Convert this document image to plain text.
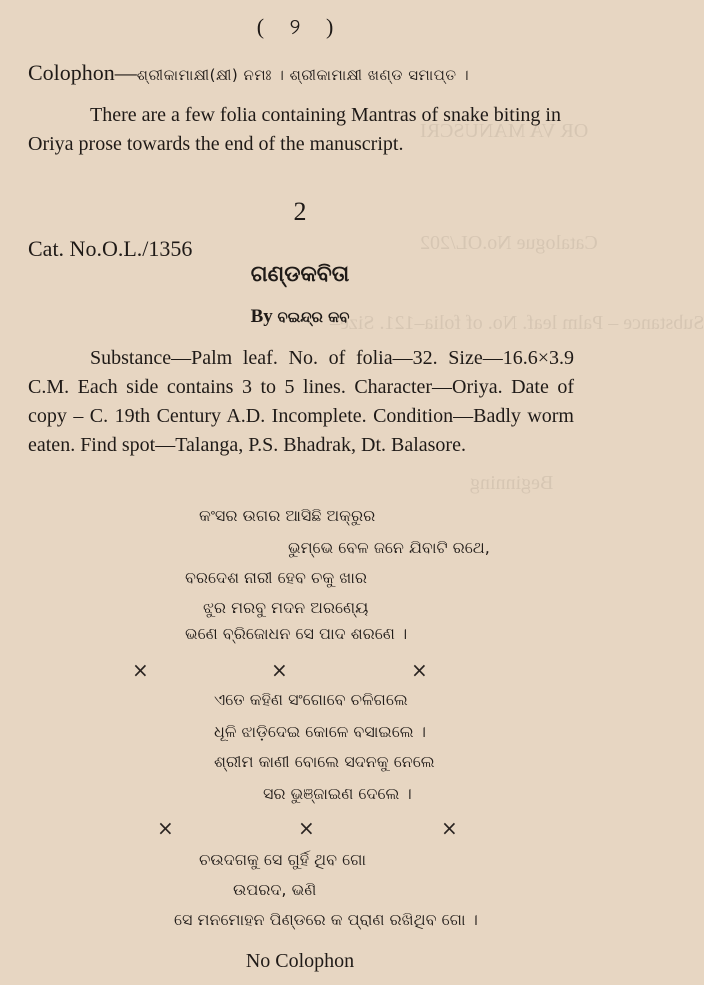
OR VA MANUSCRI
Catalogue No.OL/202
Substance – Palm leaf. No. of folia–121. Size–
Beginning
( ୨ )
Colophon—ଶ୍ରୀକାମାକ୍ଷୀ(କ୍ଷୀ) ନମଃ । ଶ୍ରୀକାମାକ୍ଷୀ ଖଣ୍ଡ ସମାପ୍ତ ।
There are a few folia containing Mantras of snake biting in Oriya prose towards the end of the manuscript.
2
Cat. No.O.L./1356
ଗଣ୍ଡକବିତା
By ବଇନ୍ଦ୍ର କବ
Substance—Palm leaf. No. of folia—32. Size—16.6×3.9 C.M. Each side contains 3 to 5 lines. Character—Oriya. Date of copy – C. 19th Century A.D. Incomplete. Condition—Badly worm eaten. Find spot—Talanga, P.S. Bhadrak, Dt. Balasore.
କଂସର ଉଗର ଆସିଛି ଅକ୍ରୁର
ଭୁମ୍ଭେ ବେଳ ଜନେ ଯିବାଟି ରଥେ,
ବରଦେଶ ନାରୀ ହେବ ଚକୁ ଖାର
ଝୁର ମରବୁ ମଦନ ଅରଣ୍ୟେ
ଭଣେ ବ୍ରିଜୋଧନ ସେ ପାଦ ଶରଣେ ।
×	×	×
ଏତେ କହିଣ ସଂଗୋବେ ଚଳିଗଲେ
ଧୂଳି ଝାଡ଼ିଦେଇ କୋଳେ ବସାଇଲେ ।
ଶ୍ରୀମ କାଣୀ ବୋଲେ ସଦନକୁ ନେଲେ
ସର ଭୁଞ୍ଜାଇଣ ଦେଲେ ।
×	×	×
ଚଉଦଗକୁ ସେ ଗୁର୍ହି ଥିବ ଗୋ
ଉପରଦ, ଭଣି
ସେ ମନମୋହନ ପିଣ୍ଡରେ କ ପ୍ରାଣ ରଖିଥିବ ଗୋ ।
No Colophon
